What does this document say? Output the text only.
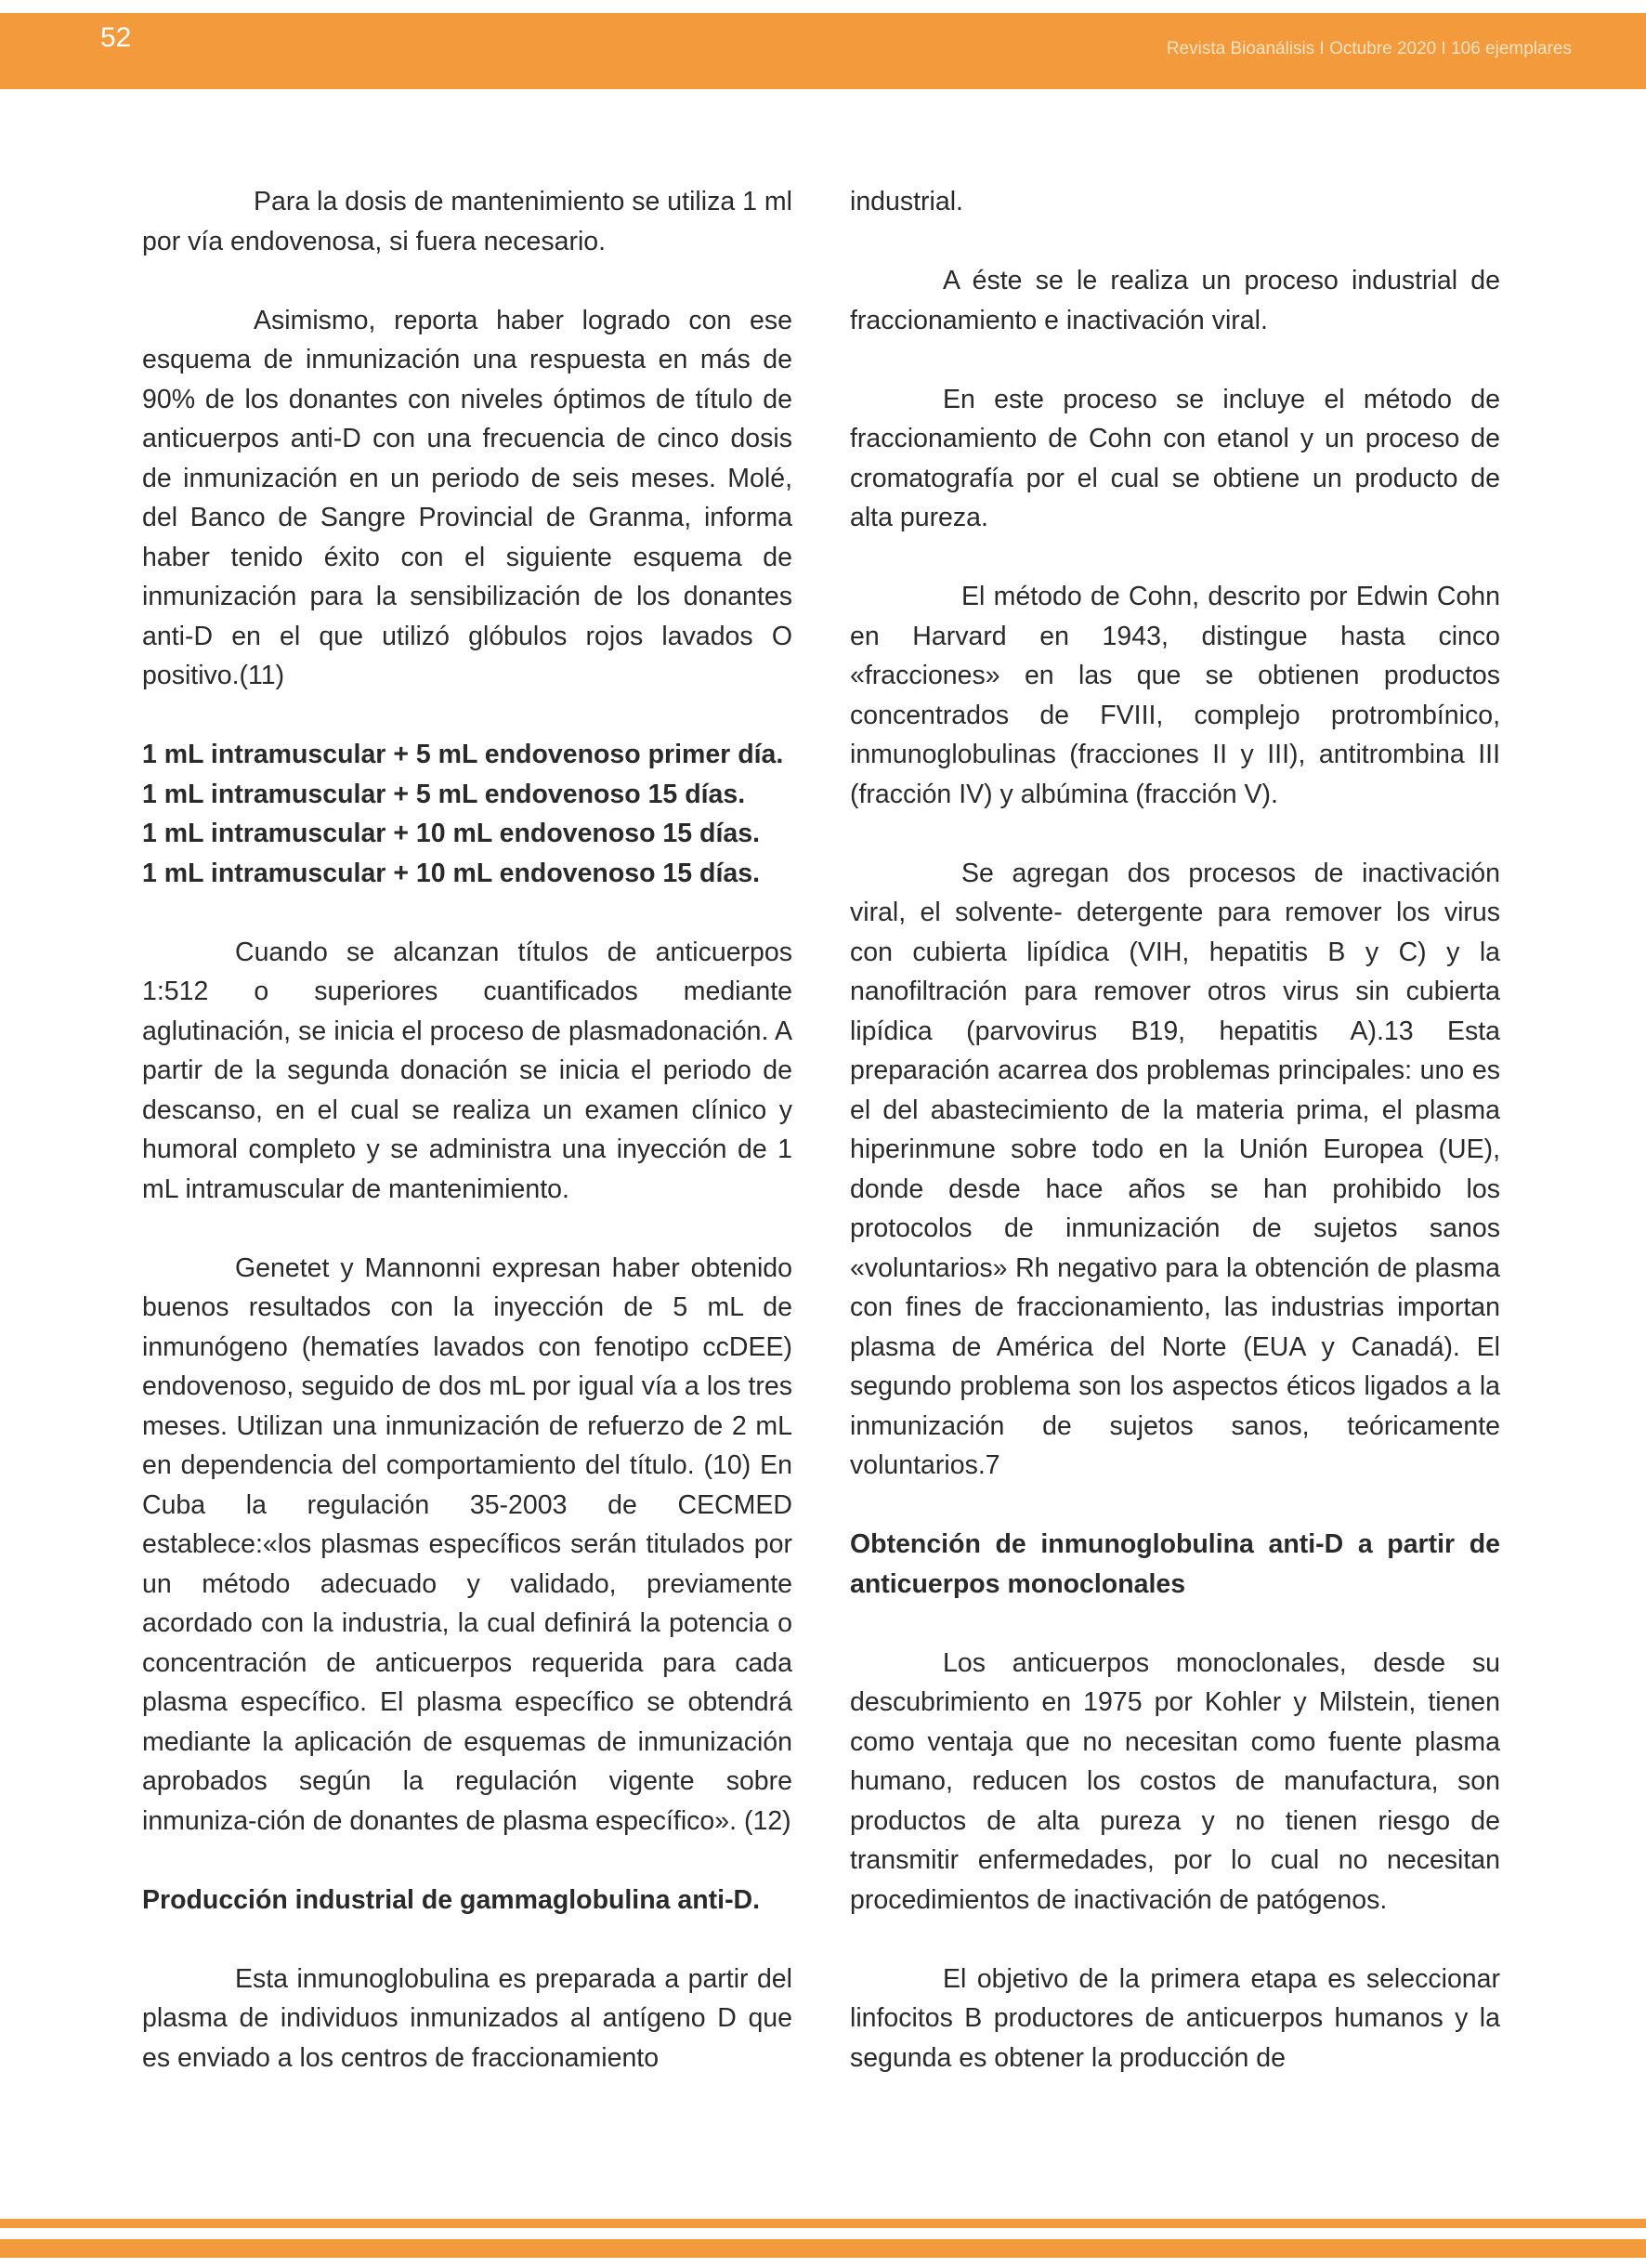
52	Revista Bioanálisis I Octubre 2020 I 106 ejemplares

Para la dosis de mantenimiento se utiliza 1 ml por vía endovenosa, si fuera necesario.

Asimismo, reporta haber logrado con ese esquema de inmunización una respuesta en más de 90% de los donantes con niveles óptimos de título de anticuerpos anti-D con una frecuencia de cinco dosis de inmunización en un periodo de seis meses. Molé, del Banco de Sangre Provincial de Granma, informa haber tenido éxito con el siguiente esquema de inmunización para la sensibilización de los donantes anti-D en el que utilizó glóbulos rojos lavados O positivo.(11)

1 mL intramuscular + 5 mL endovenoso primer día.

1 mL intramuscular + 5 mL endovenoso 15 días.

1 mL intramuscular + 10 mL endovenoso 15 días.

1 mL intramuscular + 10 mL endovenoso 15 días.

Cuando se alcanzan títulos de anticuerpos 1:512 o superiores cuantificados mediante aglutinación, se inicia el proceso de plasmadonación. A partir de la segunda donación se inicia el periodo de descanso, en el cual se realiza un examen clínico y humoral completo y se administra una inyección de 1 mL intramuscular de mantenimiento.

Genetet y Mannonni expresan haber obtenido buenos resultados con la inyección de 5 mL de inmunógeno (hematíes lavados con fenotipo ccDEE) endovenoso, seguido de dos mL por igual vía a los tres meses. Utilizan una inmunización de refuerzo de 2 mL en dependencia del comportamiento del título. (10) En Cuba la regulación 35-2003 de CECMED establece:«los plasmas específicos serán titulados por un método adecuado y validado, previamente acordado con la industria, la cual definirá la potencia o concentración de anticuerpos requerida para cada plasma específico. El plasma específico se obtendrá mediante la aplicación de esquemas de inmunización aprobados según la regulación vigente sobre inmuniza-ción de donantes de plasma específico». (12)

Producción industrial de gammaglobulina anti-D.

Esta inmunoglobulina es preparada a partir del plasma de individuos inmunizados al antígeno D que es enviado a los centros de fraccionamiento

industrial.

A éste se le realiza un proceso industrial de fraccionamiento e inactivación viral.

En este proceso se incluye el método de fraccionamiento de Cohn con etanol y un proceso de cromatografía por el cual se obtiene un producto de alta pureza.

El método de Cohn, descrito por Edwin Cohn en Harvard en 1943, distingue hasta cinco «fracciones» en las que se obtienen productos concentrados de FVIII, complejo protrombínico, inmunoglobulinas (fracciones II y III), antitrombina III (fracción IV) y albúmina (fracción V).

Se agregan dos procesos de inactivación viral, el solvente- detergente para remover los virus con cubierta lipídica (VIH, hepatitis B y C) y la nanofiltración para remover otros virus sin cubierta lipídica (parvovirus B19, hepatitis A).13 Esta preparación acarrea dos problemas principales: uno es el del abastecimiento de la materia prima, el plasma hiperinmune sobre todo en la Unión Europea (UE), donde desde hace años se han prohibido los protocolos de inmunización de sujetos sanos «voluntarios» Rh negativo para la obtención de plasma con fines de fraccionamiento, las industrias importan plasma de América del Norte (EUA y Canadá). El segundo problema son los aspectos éticos ligados a la inmunización de sujetos sanos, teóricamente voluntarios.7

Obtención de inmunoglobulina anti-D a partir de anticuerpos monoclonales

Los anticuerpos monoclonales, desde su descubrimiento en 1975 por Kohler y Milstein, tienen como ventaja que no necesitan como fuente plasma humano, reducen los costos de manufactura, son productos de alta pureza y no tienen riesgo de transmitir enfermedades, por lo cual no necesitan procedimientos de inactivación de patógenos.

El objetivo de la primera etapa es seleccionar linfocitos B productores de anticuerpos humanos y la segunda es obtener la producción de
